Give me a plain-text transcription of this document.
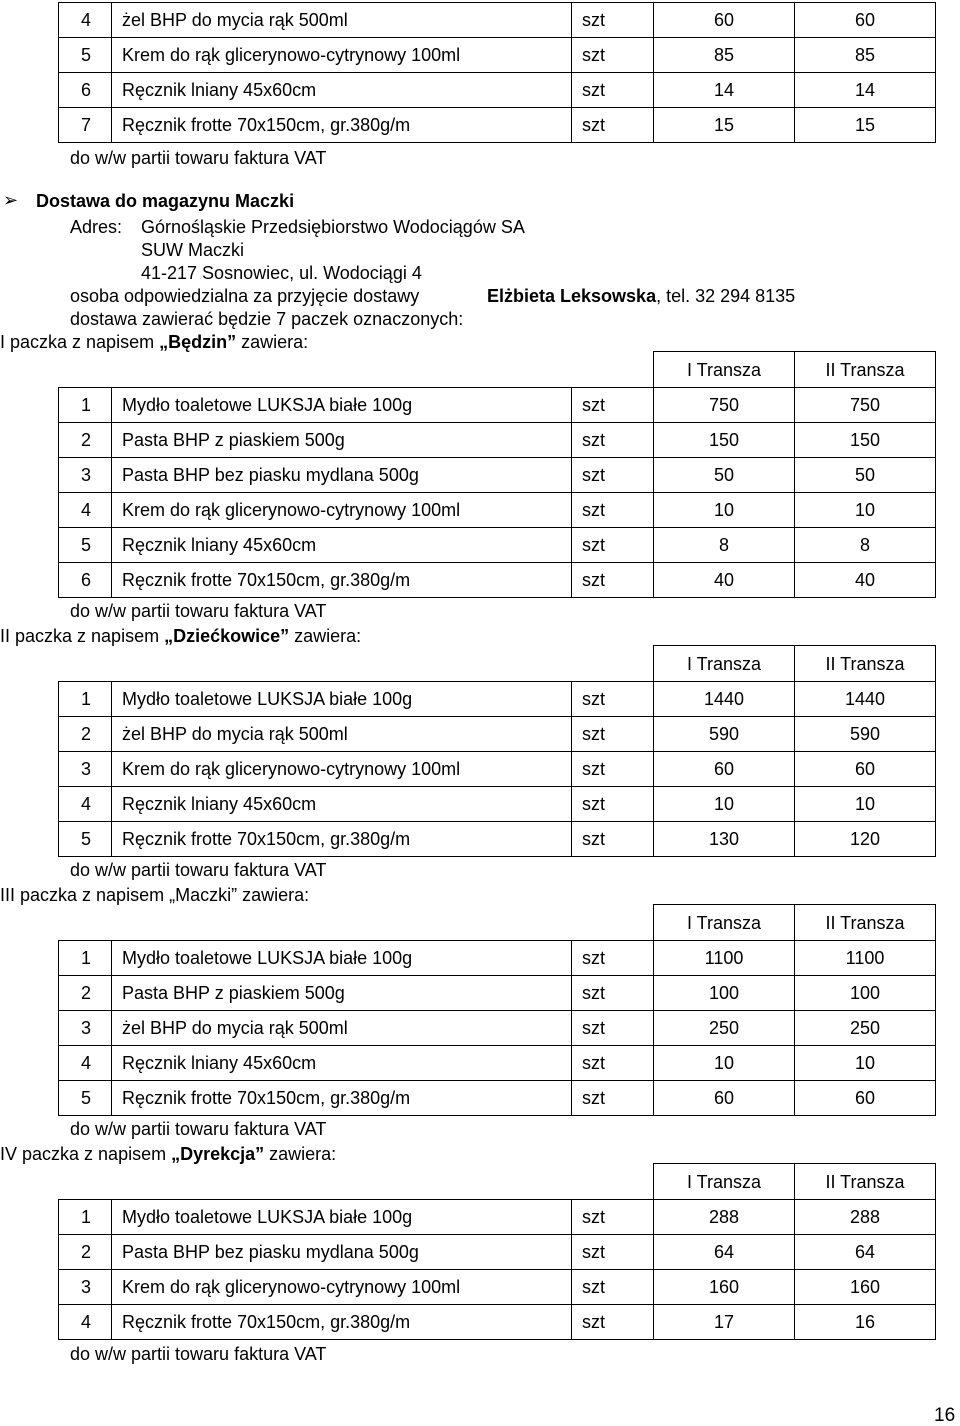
4	żel BHP do mycia rąk 500ml	szt	60	60
5	Krem do rąk glicerynowo-cytrynowy 100ml	szt	85	85
6	Ręcznik lniany 45x60cm	szt	14	14
7	Ręcznik frotte 70x150cm, gr.380g/m	szt	15	15
do w/w partii towaru faktura VAT
➢ Dostawa do magazynu Maczki
Adres: Górnośląskie Przedsiębiorstwo Wodociągów SA
SUW Maczki
41-217 Sosnowiec, ul. Wodociągi 4
osoba odpowiedzialna za przyjęcie dostawy	Elżbieta Leksowska, tel. 32 294 8135
dostawa zawierać będzie 7 paczek oznaczonych:
I paczka z napisem „Będzin” zawiera:
			I Transza	II Transza
1	Mydło toaletowe LUKSJA białe 100g	szt	750	750
2	Pasta BHP z piaskiem 500g	szt	150	150
3	Pasta BHP bez piasku mydlana 500g	szt	50	50
4	Krem do rąk glicerynowo-cytrynowy 100ml	szt	10	10
5	Ręcznik lniany 45x60cm	szt	8	8
6	Ręcznik frotte 70x150cm, gr.380g/m	szt	40	40
do w/w partii towaru faktura VAT
II paczka z napisem „Dziećkowice” zawiera:
			I Transza	II Transza
1	Mydło toaletowe LUKSJA białe 100g	szt	1440	1440
2	żel BHP do mycia rąk 500ml	szt	590	590
3	Krem do rąk glicerynowo-cytrynowy 100ml	szt	60	60
4	Ręcznik lniany 45x60cm	szt	10	10
5	Ręcznik frotte 70x150cm, gr.380g/m	szt	130	120
do w/w partii towaru faktura VAT
III paczka z napisem „Maczki” zawiera:
			I Transza	II Transza
1	Mydło toaletowe LUKSJA białe 100g	szt	1100	1100
2	Pasta BHP z piaskiem 500g	szt	100	100
3	żel BHP do mycia rąk 500ml	szt	250	250
4	Ręcznik lniany 45x60cm	szt	10	10
5	Ręcznik frotte 70x150cm, gr.380g/m	szt	60	60
do w/w partii towaru faktura VAT
IV paczka z napisem „Dyrekcja” zawiera:
			I Transza	II Transza
1	Mydło toaletowe LUKSJA białe 100g	szt	288	288
2	Pasta BHP bez piasku mydlana 500g	szt	64	64
3	Krem do rąk glicerynowo-cytrynowy 100ml	szt	160	160
4	Ręcznik frotte 70x150cm, gr.380g/m	szt	17	16
do w/w partii towaru faktura VAT
16
